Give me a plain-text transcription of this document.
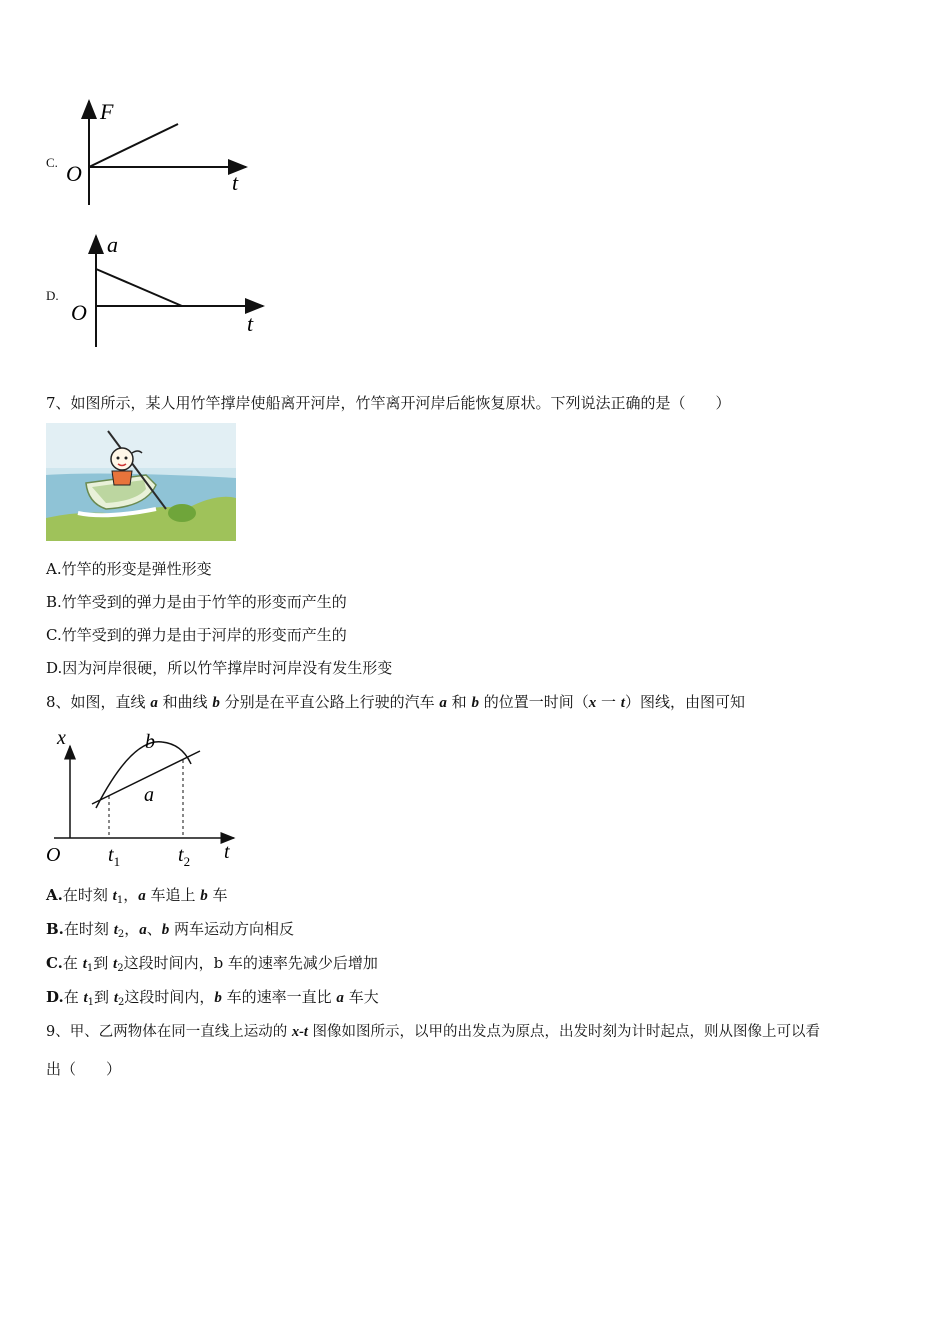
C.
F
t
O
D.
a
t
O
7、如图所示，某人用竹竿撑岸使船离开河岸，竹竿离开河岸后能恢复原状。下列说法正确的是（　　）
A.竹竿的形变是弹性形变
B.竹竿受到的弹力是由于竹竿的形变而产生的
C.竹竿受到的弹力是由于河岸的形变而产生的
D.因为河岸很硬，所以竹竿撑岸时河岸没有发生形变
8、如图，直线 a 和曲线 b 分别是在平直公路上行驶的汽车 a 和 b 的位置一时间（x 一 t）图线，由图可知
x	b
a
O $t_1$	$t_2$ t
A.在时刻 $t_1$，a 车追上 b 车
B.在时刻 $t_2$，a、b 两车运动方向相反
C.在 $t_1$到 $t_2$这段时间内，b 车的速率先减少后增加
D.在 $t_1$到 $t_2$这段时间内，b 车的速率一直比 a 车大
9、甲、乙两物体在同一直线上运动的 x-t 图像如图所示，以甲的出发点为原点，出发时刻为计时起点，则从图像上可以看
出（　　）
